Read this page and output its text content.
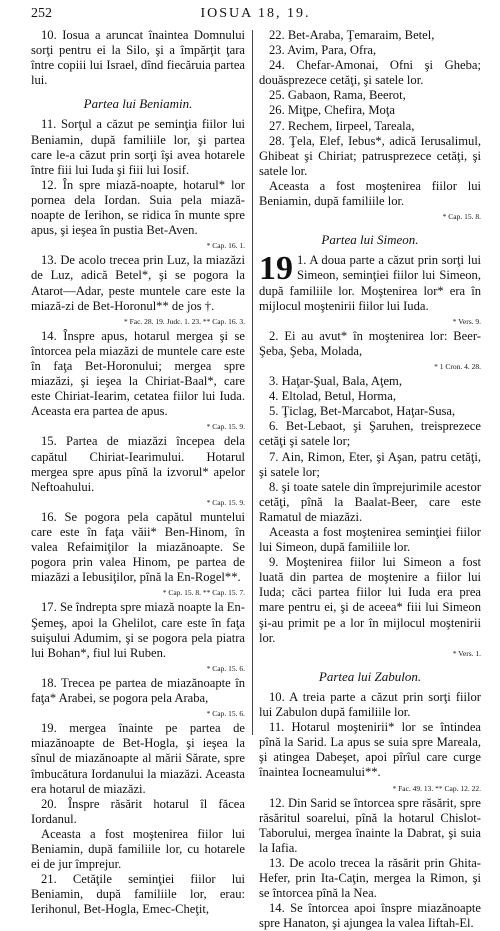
252	IOSUA 18, 19.

10. Iosua a aruncat înaintea Domnului sorţi pentru ei la Silo, şi a împărţit ţara între copiii lui Israel, dînd fiecăruia partea lui.

Partea lui Beniamin.

11. Sorţul a căzut pe seminţia fiilor lui Beniamin, după familiile lor, şi partea care le-a căzut prin sorţi îşi avea hotarele între fiii lui Iuda şi fiii lui Iosif.

12. În spre miază-noapte, hotarul* lor pornea dela Iordan. Suia pela miază-noapte de Ierihon, se ridica în munte spre apus, şi ieşea în pustia Bet-Aven.

* Cap. 16. 1.

13. De acolo trecea prin Luz, la miazăzi de Luz, adică Betel*, şi se pogora la Atarot—Adar, peste muntele care este la miază-zi de Bet-Horonul** de jos †.

* Fac. 28. 19. Judc. 1. 23. ** Cap. 16. 3.

14. Înspre apus, hotarul mergea şi se întorcea pela miazăzi de muntele care este în faţa Bet-Horonului; mergea spre miazăzi, şi ieşea la Chiriat-Baal*, care este Chiriat-Iearim, cetatea fiilor lui Iuda. Aceasta era partea de apus.

* Cap. 15. 9.

15. Partea de miazăzi începea dela capătul Chiriat-Iearimului. Hotarul mergea spre apus pînă la izvorul* apelor Neftoahului.

* Cap. 15. 9.

16. Se pogora pela capătul muntelui care este în faţa văii* Ben-Hinom, în valea Refaimiţilor la miazănoapte. Se pogora prin valea Hinom, pe partea de miazăzi a Iebusiţilor, pînă la En-Rogel**.

* Cap. 15. 8. ** Cap. 15. 7.

17. Se îndrepta spre miază noapte la En-Şemeş, apoi la Ghelilot, care este în faţa suişului Adumim, şi se pogora pela piatra lui Bohan*, fiul lui Ruben.

* Cap. 15. 6.

18. Trecea pe partea de miazănoapte în faţa* Arabei, se pogora pela Araba,

* Cap. 15. 6.

19. mergea înainte pe partea de miazănoapte de Bet-Hogla, şi ieşea la sînul de miazănoapte al mării Sărate, spre îmbucătura Iordanului la miazăzi. Aceasta era hotarul de miazăzi.

20. Înspre răsărit hotarul îl făcea Iordanul.

Aceasta a fost moştenirea fiilor lui Beniamin, după familiile lor, cu hotarele ei de jur împrejur.

21. Cetăţile seminţiei fiilor lui Beniamin, după familiile lor, erau: Ierihonul, Bet-Hogla, Emec-Cheţit,

22. Bet-Araba, Ţemaraim, Betel,

23. Avim, Para, Ofra,

24. Chefar-Amonai, Ofni şi Gheba; douăsprezece cetăţi, şi satele lor.

25. Gabaon, Rama, Beerot,

26. Miţpe, Chefira, Moţa

27. Rechem, Iirpeel, Tareala,

28. Ţela, Elef, Iebus*, adică Ierusalimul, Ghibeat şi Chiriat; patrusprezece cetăţi, şi satele lor.

Aceasta a fost moştenirea fiilor lui Beniamin, după familiile lor.

* Cap. 15. 8.
Partea lui Simeon.

19 1. A doua parte a căzut prin sorţi lui Simeon, seminţiei fiilor lui Simeon, după familiile lor. Moştenirea lor* era în mijlocul moştenirii fiilor lui Iuda.

* Vers. 9.

2. Ei au avut* în moştenirea lor: Beer-Şeba, Şeba, Molada,

* 1 Cron. 4. 28.

3. Haţar-Şual, Bala, Aţem,

4. Eltolad, Betul, Horma,

5. Ţiclag, Bet-Marcabot, Haţar-Susa,

6. Bet-Lebaot, şi Şaruhen, treisprezece cetăţi şi satele lor;

7. Ain, Rimon, Eter, şi Aşan, patru cetăţi, şi satele lor;

8. şi toate satele din împrejurimile acestor cetăţi, pînă la Baalat-Beer, care este Ramatul de miazăzi.

Aceasta a fost moştenirea seminţiei fiilor lui Simeon, după familiile lor.

9. Moştenirea fiilor lui Simeon a fost luată din partea de moştenire a fiilor lui Iuda; căci partea fiilor lui Iuda era prea mare pentru ei, şi de aceea* fiii lui Simeon şi-au primit pe a lor în mijlocul moştenirii lor.

* Vers. 1.
Partea lui Zabulon.

10. A treia parte a căzut prin sorţi fiilor lui Zabulon după familiile lor.

11. Hotarul moştenirii* lor se întindea pînă la Sarid. La apus se suia spre Mareala, şi atingea Dabeşet, apoi pîrîul care curge înaintea Iocneamului**.

* Fac. 49. 13. ** Cap. 12. 22.

12. Din Sarid se întorcea spre răsărit, spre răsăritul soarelui, pînă la hotarul Chislot-Taborului, mergea înainte la Dabrat, şi suia la Iafia.

13. De acolo trecea la răsărit prin Ghita-Hefer, prin Ita-Caţin, mergea la Rimon, şi se întorcea pînă la Nea.

14. Se întorcea apoi înspre miazănoapte spre Hanaton, şi ajungea la valea Iiftah-El.
